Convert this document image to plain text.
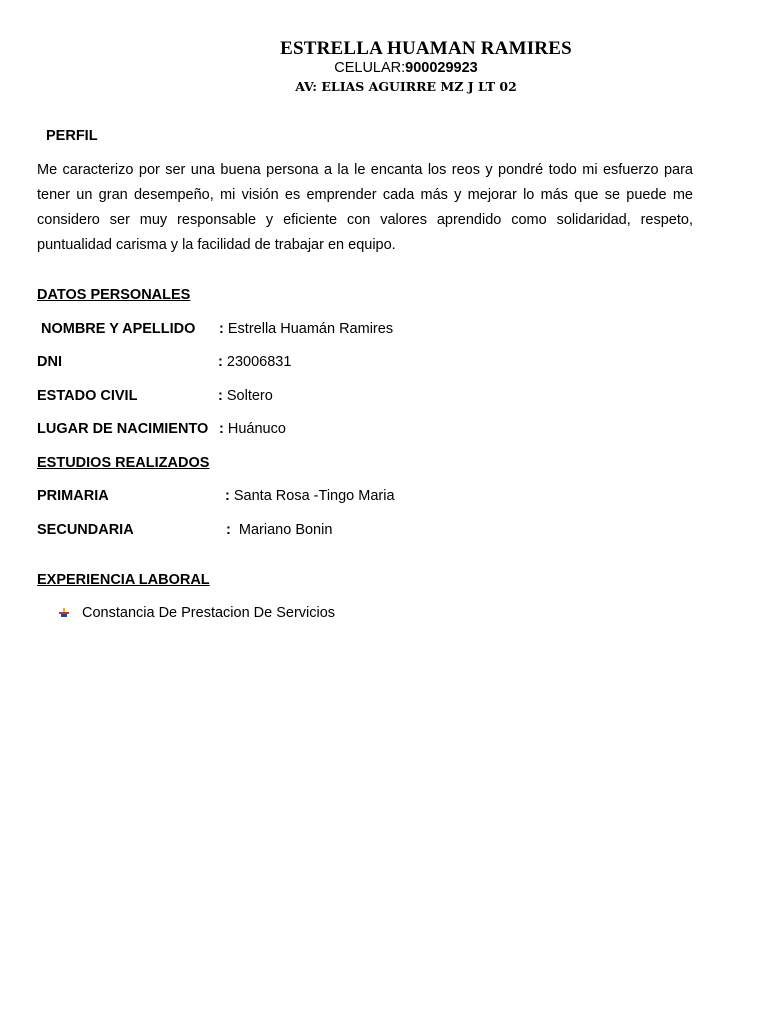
ESTRELLA HUAMAN RAMIRES
CELULAR:900029923
AV: ELIAS AGUIRRE MZ J LT 02
PERFIL
Me caracterizo por ser una buena persona a la le encanta los reos y pondré todo mi esfuerzo para tener un gran desempeño, mi visión es emprender cada más y mejorar lo más que se puede me considero ser muy responsable y eficiente con valores aprendido como solidaridad, respeto, puntualidad carisma y la facilidad de trabajar en equipo.
DATOS PERSONALES
NOMBRE Y APELLIDO : Estrella Huamán Ramires
DNI	: 23006831
ESTADO CIVIL	: Soltero
LUGAR DE NACIMIENTO : Huánuco
ESTUDIOS REALIZADOS
PRIMARIA	: Santa Rosa -Tingo Maria
SECUNDARIA	: Mariano Bonin
EXPERIENCIA LABORAL
Constancia De Prestacion De Servicios
